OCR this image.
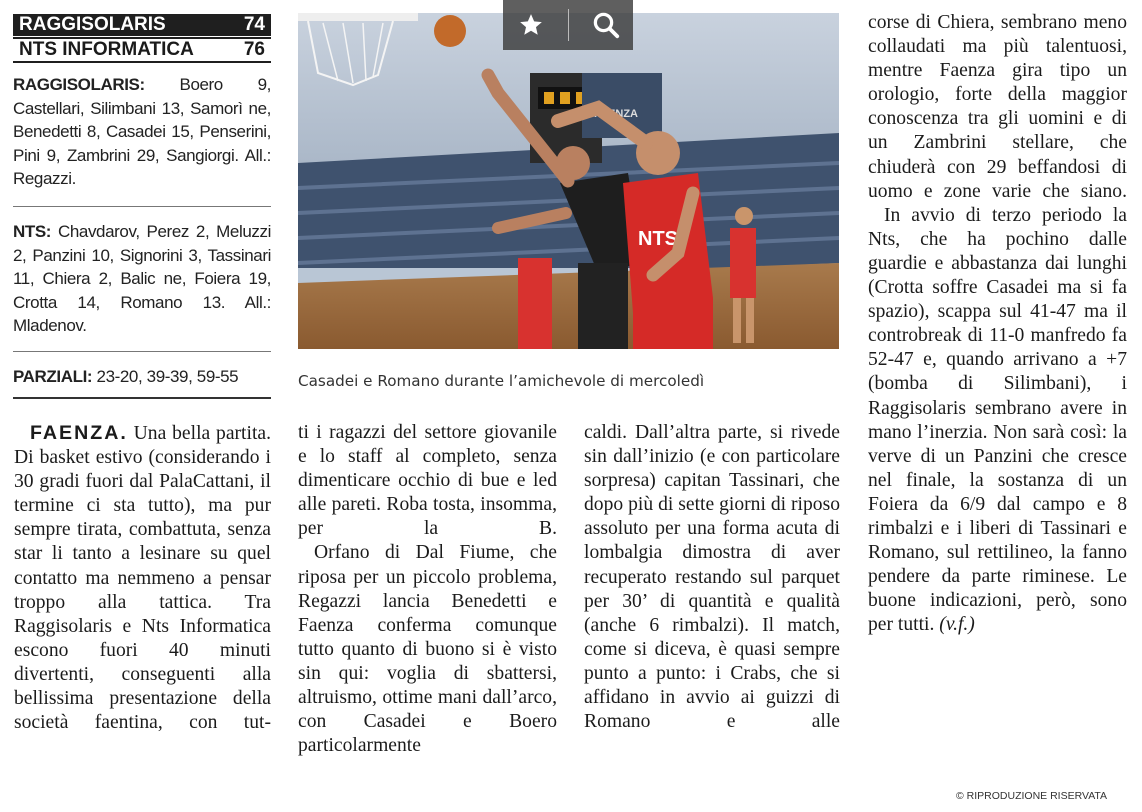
RAGGISOLARIS	74
NTS INFORMATICA	76
RAGGISOLARIS: Boero 9, Castellari, Silimbani 13, Samorì ne, Benedetti 8, Casadei 15, Penserini, Pini 9, Zambrini 29, Sangiorgi. All.: Regazzi.
NTS: Chavdarov, Perez 2, Meluzzi 2, Panzini 10, Signorini 3, Tassinari 11, Chiera 2, Balic ne, Foiera 19, Crotta 14, Romano 13. All.: Mladenov.
PARZIALI: 23-20, 39-39, 59-55
FAENZA
NTS
Casadei e Romano durante l’amichevole di mercoledì

FAENZA. Una bella partita. Di basket estivo (considerando i 30 gradi fuori dal PalaCattani, il termine ci sta tutto), ma pur sempre tirata, combattuta, senza star li tanto a lesinare su quel contatto ma nemmeno a pensar troppo alla tattica. Tra Raggisolaris e Nts Informatica escono fuori 40 minuti divertenti, conseguenti alla bellissima presentazione della società faentina, con tut-

ti i ragazzi del settore giovanile e lo staff al completo, senza dimenticare occhio di bue e led alle pareti. Roba tosta, insomma, per la B.

Orfano di Dal Fiume, che riposa per un piccolo problema, Regazzi lancia Benedetti e Faenza conferma comunque tutto quanto di buono si è visto sin qui: voglia di sbattersi, altruismo, ottime mani dall’arco, con Casadei e Boero particolarmente

caldi. Dall’altra parte, si rivede sin dall’inizio (e con particolare sorpresa) capitan Tassinari, che dopo più di sette giorni di riposo assoluto per una forma acuta di lombalgia dimostra di aver recuperato restando sul parquet per 30’ di quantità e qualità (anche 6 rimbalzi). Il match, come si diceva, è quasi sempre punto a punto: i Crabs, che si affidano in avvio ai guizzi di Romano e alle

corse di Chiera, sembrano meno collaudati ma più talentuosi, mentre Faenza gira tipo un orologio, forte della maggior conoscenza tra gli uomini e di un Zambrini stellare, che chiuderà con 29 beffandosi di uomo e zone varie che siano.

In avvio di terzo periodo la Nts, che ha pochino dalle guardie e abbastanza dai lunghi (Crotta soffre Casadei ma si fa spazio), scappa sul 41-47 ma il controbreak di 11-0 manfredo fa 52-47 e, quando arrivano a +7 (bomba di Silimbani), i Raggisolaris sembrano avere in mano l’inerzia. Non sarà così: la verve di un Panzini che cresce nel finale, la sostanza di un Foiera da 6/9 dal campo e 8 rimbalzi e i liberi di Tassinari e Romano, sul rettilineo, la fanno pendere da parte riminese. Le buone indicazioni, però, sono per tutti. (v.f.)

© RIPRODUZIONE RISERVATA
